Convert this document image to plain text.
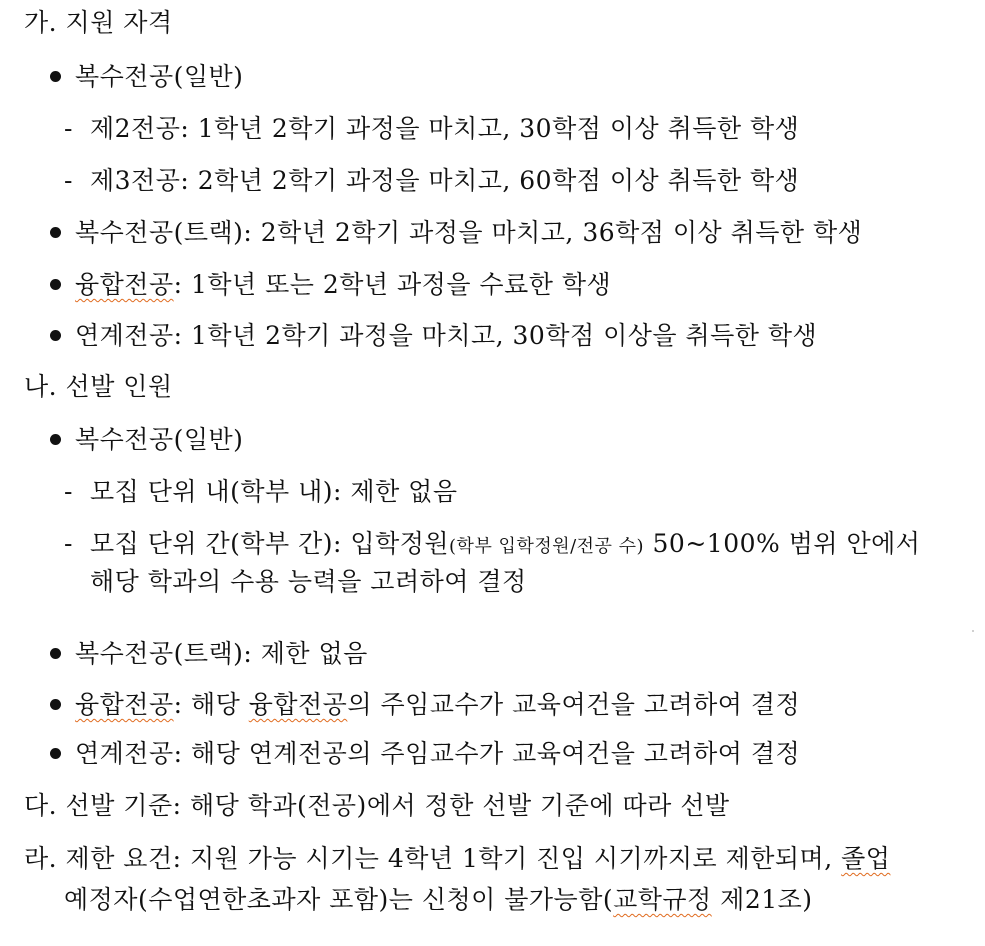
가. 지원 자격
복수전공(일반)
- 제2전공: 1학년 2학기 과정을 마치고, 30학점 이상 취득한 학생
- 제3전공: 2학년 2학기 과정을 마치고, 60학점 이상 취득한 학생
복수전공(트랙): 2학년 2학기 과정을 마치고, 36학점 이상 취득한 학생
융합전공: 1학년 또는 2학년 과정을 수료한 학생
연계전공: 1학년 2학기 과정을 마치고, 30학점 이상을 취득한 학생
나. 선발 인원
복수전공(일반)
- 모집 단위 내(학부 내): 제한 없음
- 모집 단위 간(학부 간): 입학정원(학부 입학정원/전공 수) 50~100% 범위 안에서
해당 학과의 수용 능력을 고려하여 결정
복수전공(트랙): 제한 없음
융합전공: 해당 융합전공의 주임교수가 교육여건을 고려하여 결정
연계전공: 해당 연계전공의 주임교수가 교육여건을 고려하여 결정
다. 선발 기준: 해당 학과(전공)에서 정한 선발 기준에 따라 선발
라. 제한 요건: 지원 가능 시기는 4학년 1학기 진입 시기까지로 제한되며, 졸업
예정자(수업연한초과자 포함)는 신청이 불가능함(교학규정 제21조)
